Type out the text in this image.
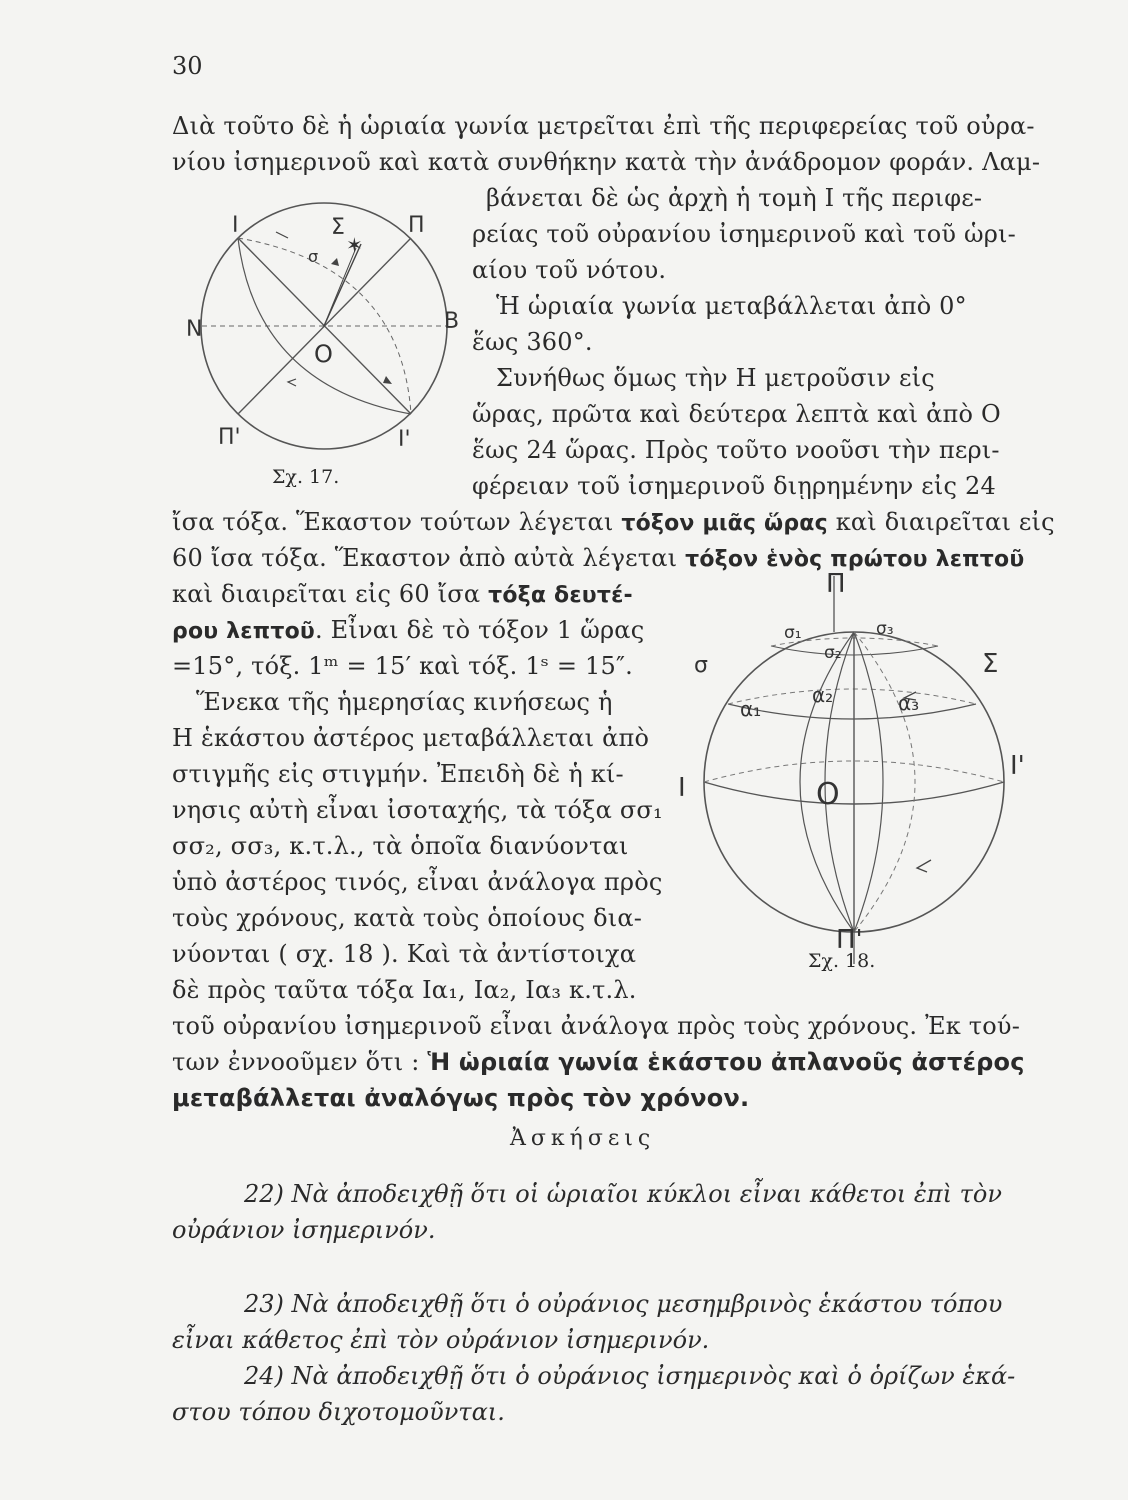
30
Διὰ τοῦτο δὲ ἡ ὡριαία γωνία μετρεῖται ἐπὶ τῆς περιφερείας τοῦ οὐρα-
νίου ἰσημερινοῦ καὶ κατὰ συνθήκην κατὰ τὴν ἀνάδρομον φοράν. Λαμ-
βάνεται δὲ ὡς ἀρχὴ ἡ τομὴ Ι τῆς περιφε-
ρείας τοῦ οὐρανίου ἰσημερινοῦ καὶ τοῦ ὡρι-
αίου τοῦ νότου.
Ἡ ὡριαία γωνία μεταβάλλεται ἀπὸ 0°
ἕως 360°.
Συνήθως ὅμως τὴν Η μετροῦσιν εἰς
ὥρας, πρῶτα καὶ δεύτερα λεπτὰ καὶ ἀπὸ Ο
ἕως 24 ὥρας. Πρὸς τοῦτο νοοῦσι τὴν περι-
φέρειαν τοῦ ἰσημερινοῦ διῃρημένην εἰς 24
Ι	Σ	Π
σ ✶
Ν	Β
Ο
Π'	Ι'
Σχ. 17.
ἴσα τόξα. Ἕκαστον τούτων λέγεται τόξον μιᾶς ὥρας καὶ διαιρεῖται εἰς
60 ἴσα τόξα. Ἕκαστον ἀπὸ αὐτὰ λέγεται τόξον ἑνὸς πρώτου λεπτοῦ
καὶ διαιρεῖται εἰς 60 ἴσα τόξα δευτέ-
ρου λεπτοῦ. Εἶναι δὲ τὸ τόξον 1 ὥρας
=15°, τόξ. 1ᵐ = 15′ καὶ τόξ. 1ˢ = 15″.
Ἕνεκα τῆς ἡμερησίας κινήσεως ἡ
Η ἑκάστου ἀστέρος μεταβάλλεται ἀπὸ
στιγμῆς εἰς στιγμήν. Ἐπειδὴ δὲ ἡ κί-
νησις αὐτὴ εἶναι ἰσοταχής, τὰ τόξα σσ₁
σσ₂, σσ₃, κ.τ.λ., τὰ ὁποῖα διανύονται
ὑπὸ ἀστέρος τινός, εἶναι ἀνάλογα πρὸς
τοὺς χρόνους, κατὰ τοὺς ὁποίους δια-
νύονται ( σχ. 18 ). Καὶ τὰ ἀντίστοιχα
δὲ πρὸς ταῦτα τόξα Ια₁, Ια₂, Ια₃ κ.τ.λ.
Π
σ₁
σ₂
σ₃
σ	Σ
α₁
α₂	α₃
Ι
Ι'
Ο
Π'
Σχ. 18.
τοῦ οὐρανίου ἰσημερινοῦ εἶναι ἀνάλογα πρὸς τοὺς χρόνους. Ἐκ τού-
των ἐννοοῦμεν ὅτι : Ἡ ὡριαία γωνία ἑκάστου ἀπλανοῦς ἀστέρος
μεταβάλλεται ἀναλόγως πρὸς τὸν χρόνον.
Ἀσκήσεις
22) Νὰ ἀποδειχθῇ ὅτι οἱ ὡριαῖοι κύκλοι εἶναι κάθετοι ἐπὶ τὸν
οὐράνιον ἰσημερινόν.
23) Νὰ ἀποδειχθῇ ὅτι ὁ οὐράνιος μεσημβρινὸς ἑκάστου τόπου
εἶναι κάθετος ἐπὶ τὸν οὐράνιον ἰσημερινόν.
24) Νὰ ἀποδειχθῇ ὅτι ὁ οὐράνιος ἰσημερινὸς καὶ ὁ ὁρίζων ἑκά-
στου τόπου διχοτομοῦνται.
